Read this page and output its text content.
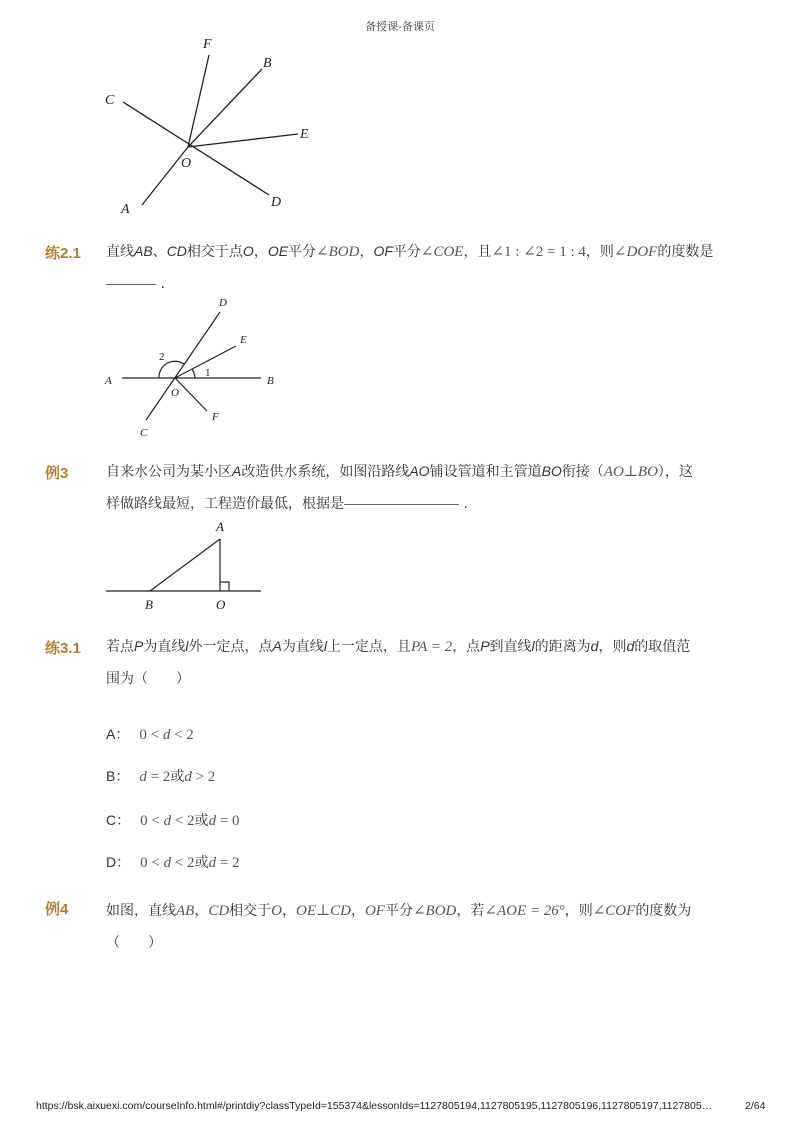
备授课-备课页
F
B
C
E
O
A	D
练2.1 直线AB、CD相交于点O，OE平分∠BOD，OF平分∠COE，且∠1 : ∠2 = 1 : 4，则∠DOF的度数是
.
D
E
2
1
A	B
O
F
C
例3	自来水公司为某小区A改造供水系统，如图沿路线AO铺设管道和主管道BO衔接（AO⊥BO），这
样做路线最短，工程造价最低，根据是	.
A
B	O
练3.1 若点P为直线l外一定点，点A为直线l上一定点，且PA = 2，点P到直线l的距离为d，则d的取值范
围为（　　）
A： 0 < d < 2
B： d = 2或d > 2
C： 0 < d < 2或d = 0
D： 0 < d < 2或d = 2
例4	如图，直线AB，CD相交于O，OE⊥CD，OF平分∠BOD，若∠AOE = 26°，则∠COF的度数为
（　　）
https://bsk.aixuexi.com/courseInfo.html#/printdiy?classTypeId=155374&lessonIds=1127805194,1127805195,1127805196,1127805197,1127805…	2/64
